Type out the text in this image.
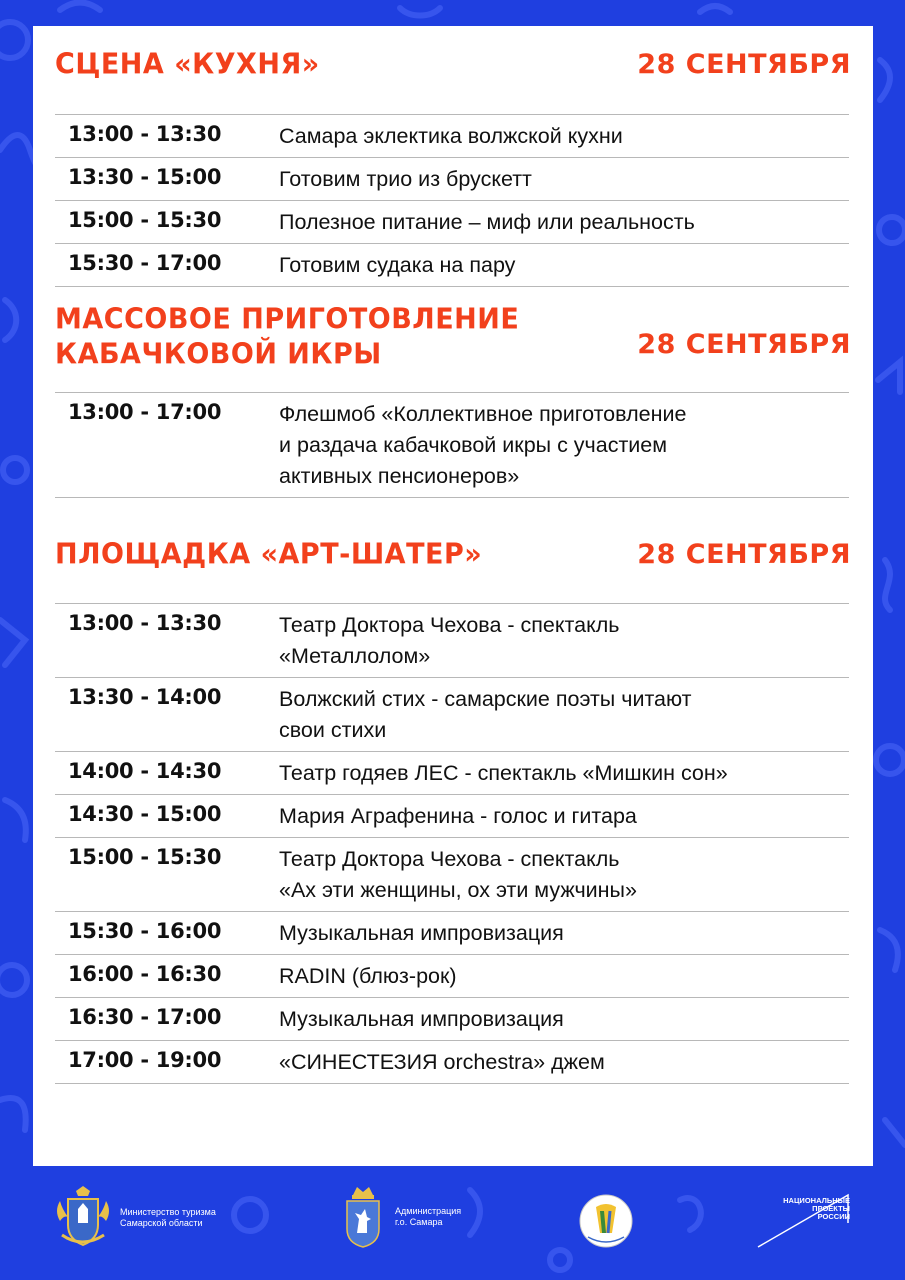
СЦЕНА «КУХНЯ»	28 СЕНТЯБРЯ
13:00 - 13:30	Самара эклектика волжской кухни
13:30 - 15:00	Готовим трио из брускетт
15:00 - 15:30	Полезное питание – миф или реальность
15:30 - 17:00	Готовим судака на пару
МАССОВОЕ ПРИГОТОВЛЕНИЕ
КАБАЧКОВОЙ ИКРЫ	28 СЕНТЯБРЯ
13:00 - 17:00	Флешмоб «Коллективное приготовление
и раздача кабачковой икры с участием
активных пенсионеров»
ПЛОЩАДКА «АРТ-ШАТЕР»	28 СЕНТЯБРЯ
13:00 - 13:30	Театр Доктора Чехова - спектакль
«Металлолом»
13:30 - 14:00	Волжский стих - самарские поэты читают
свои стихи
14:00 - 14:30	Театр годяев ЛЕС - спектакль «Мишкин сон»
14:30 - 15:00	Мария Аграфенина - голос и гитара
15:00 - 15:30	Театр Доктора Чехова - спектакль
«Ах эти женщины, ох эти мужчины»
15:30 - 16:00	Музыкальная импровизация
16:00 - 16:30	RADIN (блюз-рок)
16:30 - 17:00	Музыкальная импровизация
17:00 - 19:00	«СИНЕСТЕЗИЯ orchestra» джем
Министерство туризма
Самарской области
Администрация
г.о. Самара
НАЦИОНАЛЬНЫЕ
ПРОЕКТЫ
РОССИИ
